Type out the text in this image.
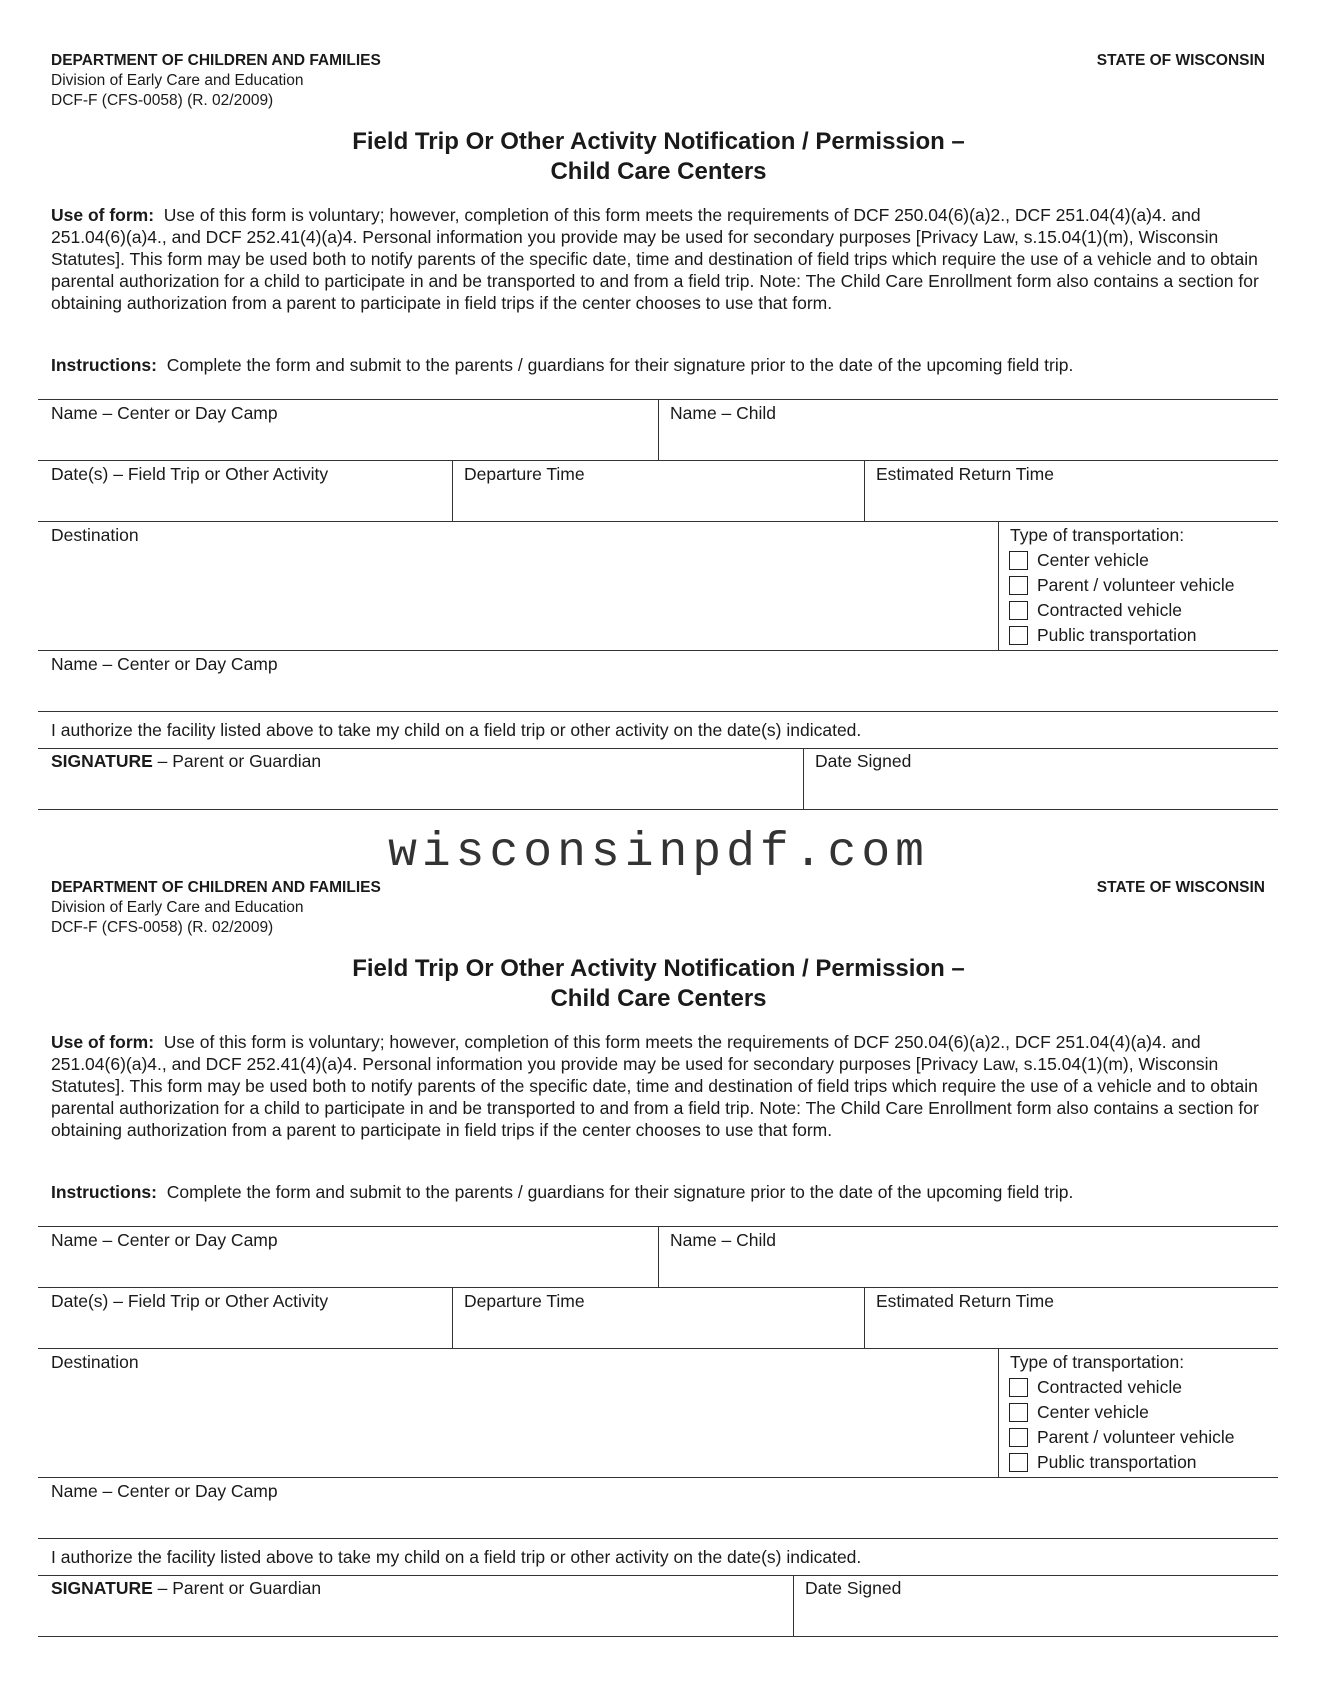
DEPARTMENT OF CHILDREN AND FAMILIES
Division of Early Care and Education
DCF-F (CFS-0058) (R. 02/2009)
STATE OF WISCONSIN
Field Trip Or Other Activity Notification / Permission –
Child Care Centers
Use of form: Use of this form is voluntary; however, completion of this form meets the requirements of DCF 250.04(6)(a)2., DCF 251.04(4)(a)4. and 251.04(6)(a)4., and DCF 252.41(4)(a)4. Personal information you provide may be used for secondary purposes [Privacy Law, s.15.04(1)(m), Wisconsin Statutes]. This form may be used both to notify parents of the specific date, time and destination of field trips which require the use of a vehicle and to obtain parental authorization for a child to participate in and be transported to and from a field trip. Note: The Child Care Enrollment form also contains a section for obtaining authorization from a parent to participate in field trips if the center chooses to use that form.
Instructions: Complete the form and submit to the parents / guardians for their signature prior to the date of the upcoming field trip.
Name – Center or Day Camp	Name – Child
Date(s) – Field Trip or Other Activity	Departure Time	Estimated Return Time
Destination	Type of transportation:
Center vehicle
Parent / volunteer vehicle
Contracted vehicle
Public transportation
Name – Center or Day Camp
I authorize the facility listed above to take my child on a field trip or other activity on the date(s) indicated.
SIGNATURE – Parent or Guardian	Date Signed
wisconsinpdf.com
DEPARTMENT OF CHILDREN AND FAMILIES
Division of Early Care and Education
DCF-F (CFS-0058) (R. 02/2009)
STATE OF WISCONSIN
Field Trip Or Other Activity Notification / Permission –
Child Care Centers
Use of form: Use of this form is voluntary; however, completion of this form meets the requirements of DCF 250.04(6)(a)2., DCF 251.04(4)(a)4. and 251.04(6)(a)4., and DCF 252.41(4)(a)4. Personal information you provide may be used for secondary purposes [Privacy Law, s.15.04(1)(m), Wisconsin Statutes]. This form may be used both to notify parents of the specific date, time and destination of field trips which require the use of a vehicle and to obtain parental authorization for a child to participate in and be transported to and from a field trip. Note: The Child Care Enrollment form also contains a section for obtaining authorization from a parent to participate in field trips if the center chooses to use that form.
Instructions: Complete the form and submit to the parents / guardians for their signature prior to the date of the upcoming field trip.
Name – Center or Day Camp	Name – Child
Date(s) – Field Trip or Other Activity	Departure Time	Estimated Return Time
Destination	Type of transportation:
Contracted vehicle
Center vehicle
Parent / volunteer vehicle
Public transportation
Name – Center or Day Camp
I authorize the facility listed above to take my child on a field trip or other activity on the date(s) indicated.
SIGNATURE – Parent or Guardian	Date Signed
